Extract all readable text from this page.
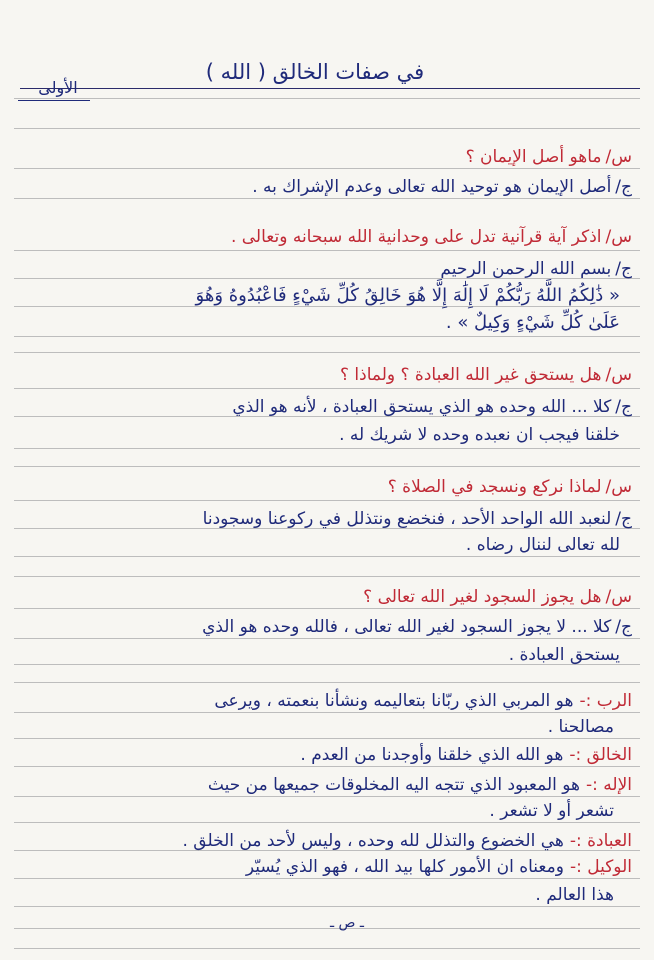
في صفات الخالق ( الله )
الأولى
س/ماهو أصل الإيمان ؟
ج/أصل الإيمان هو توحيد الله تعالى وعدم الإشراك به .
س/اذكر آية قرآنية تدل على وحدانية الله سبحانه وتعالى .
ج/بسم الله الرحمن الرحيم
« ذَٰلِكُمُ اللَّهُ رَبُّكُمْ لَا إِلَٰهَ إِلَّا هُوَ خَالِقُ كُلِّ شَيْءٍ فَاعْبُدُوهُ وَهُوَ
عَلَىٰ كُلِّ شَيْءٍ وَكِيلٌ » .
س/هل يستحق غير الله العبادة ؟ ولماذا ؟
ج/كلا ... الله وحده هو الذي يستحق العبادة ، لأنه هو الذي
خلقنا فيجب ان نعبده وحده لا شريك له .
س/لماذا نركع ونسجد في الصلاة ؟
ج/لنعبد الله الواحد الأحد ، فنخضع ونتذلل في ركوعنا وسجودنا
لله تعالى لننال رضاه .
س/هل يجوز السجود لغير الله تعالى ؟
ج/كلا ... لا يجوز السجود لغير الله تعالى ، فالله وحده هو الذي
يستحق العبادة .
الرب :-هو المربي الذي ربّانا بتعاليمه ونشأنا بنعمته ، ويرعى
مصالحنا .
الخالق :-هو الله الذي خلقنا وأوجدنا من العدم .
الإله :-هو المعبود الذي تتجه اليه المخلوقات جميعها من حيث
تشعر أو لا تشعر .
العبادة :-هي الخضوع والتذلل لله وحده ، وليس لأحد من الخلق .
الوكيل :-ومعناه ان الأمور كلها بيد الله ، فهو الذي يُسيّر
هذا العالم .
ـ ص ـ
